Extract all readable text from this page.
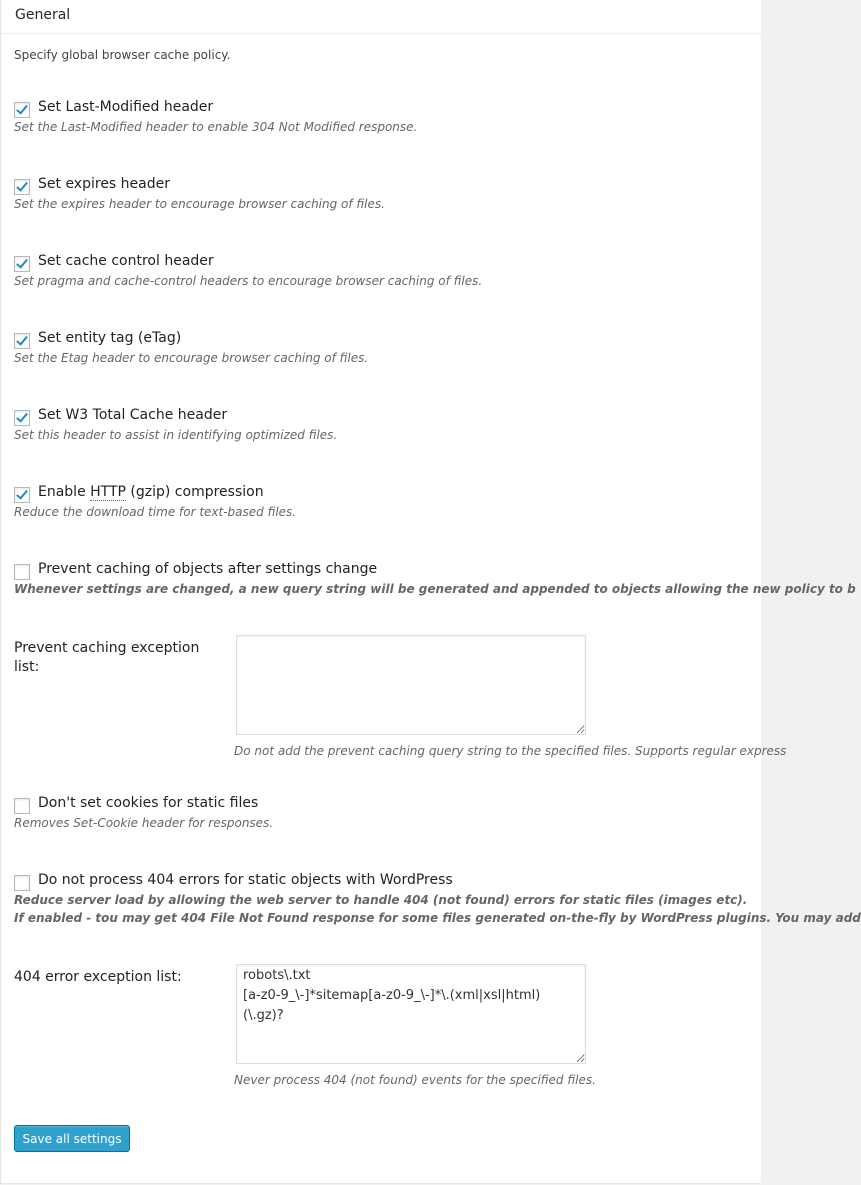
General
Specify global browser cache policy.
Set Last-Modified header
Set the Last-Modified header to enable 304 Not Modified response.
Set expires header
Set the expires header to encourage browser caching of files.
Set cache control header
Set pragma and cache-control headers to encourage browser caching of files.
Set entity tag (eTag)
Set the Etag header to encourage browser caching of files.
Set W3 Total Cache header
Set this header to assist in identifying optimized files.
Enable HTTP (gzip) compression
Reduce the download time for text-based files.
Prevent caching of objects after settings change
Whenever settings are changed, a new query string will be generated and appended to objects allowing the new policy to b
Prevent caching exception list:
Do not add the prevent caching query string to the specified files. Supports regular express
Don't set cookies for static files
Removes Set-Cookie header for responses.
Do not process 404 errors for static objects with WordPress
Reduce server load by allowing the web server to handle 404 (not found) errors for static files (images etc).
If enabled - tou may get 404 File Not Found response for some files generated on-the-fly by WordPress plugins. You may add
404 error exception list:
robots\.txt [a-z0-9_\-]*sitemap[a-z0-9_\-]*\.(xml|xsl|html)(\.gz)?
Never process 404 (not found) events for the specified files.
Save all settings
